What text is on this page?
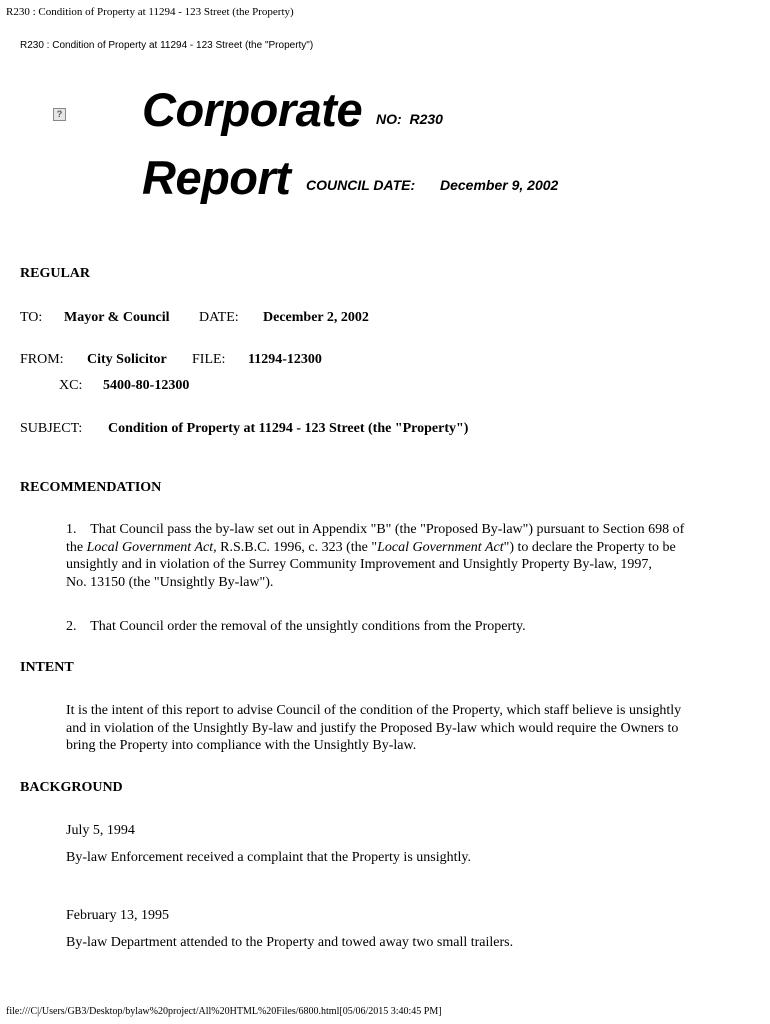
R230 : Condition of Property at 11294 - 123 Street (the Property)
R230 : Condition of Property at 11294 - 123 Street (the "Property")
? Corporate NO: R230
Report COUNCIL DATE: December 9, 2002
REGULAR
TO: Mayor & Council DATE: December 2, 2002
FROM: City Solicitor FILE: 11294-12300
XC: 5400-80-12300
SUBJECT: Condition of Property at 11294 - 123 Street (the "Property")
RECOMMENDATION
1. That Council pass the by-law set out in Appendix "B" (the "Proposed By-law") pursuant to Section 698 of
the Local Government Act, R.S.B.C. 1996, c. 323 (the "Local Government Act") to declare the Property to be
unsightly and in violation of the Surrey Community Improvement and Unsightly Property By-law, 1997,
No. 13150 (the "Unsightly By-law").
2. That Council order the removal of the unsightly conditions from the Property.
INTENT
It is the intent of this report to advise Council of the condition of the Property, which staff believe is unsightly
and in violation of the Unsightly By-law and justify the Proposed By-law which would require the Owners to
bring the Property into compliance with the Unsightly By-law.
BACKGROUND
July 5, 1994
By-law Enforcement received a complaint that the Property is unsightly.
February 13, 1995
By-law Department attended to the Property and towed away two small trailers.
file:///C|/Users/GB3/Desktop/bylaw%20project/All%20HTML%20Files/6800.html[05/06/2015 3:40:45 PM]
